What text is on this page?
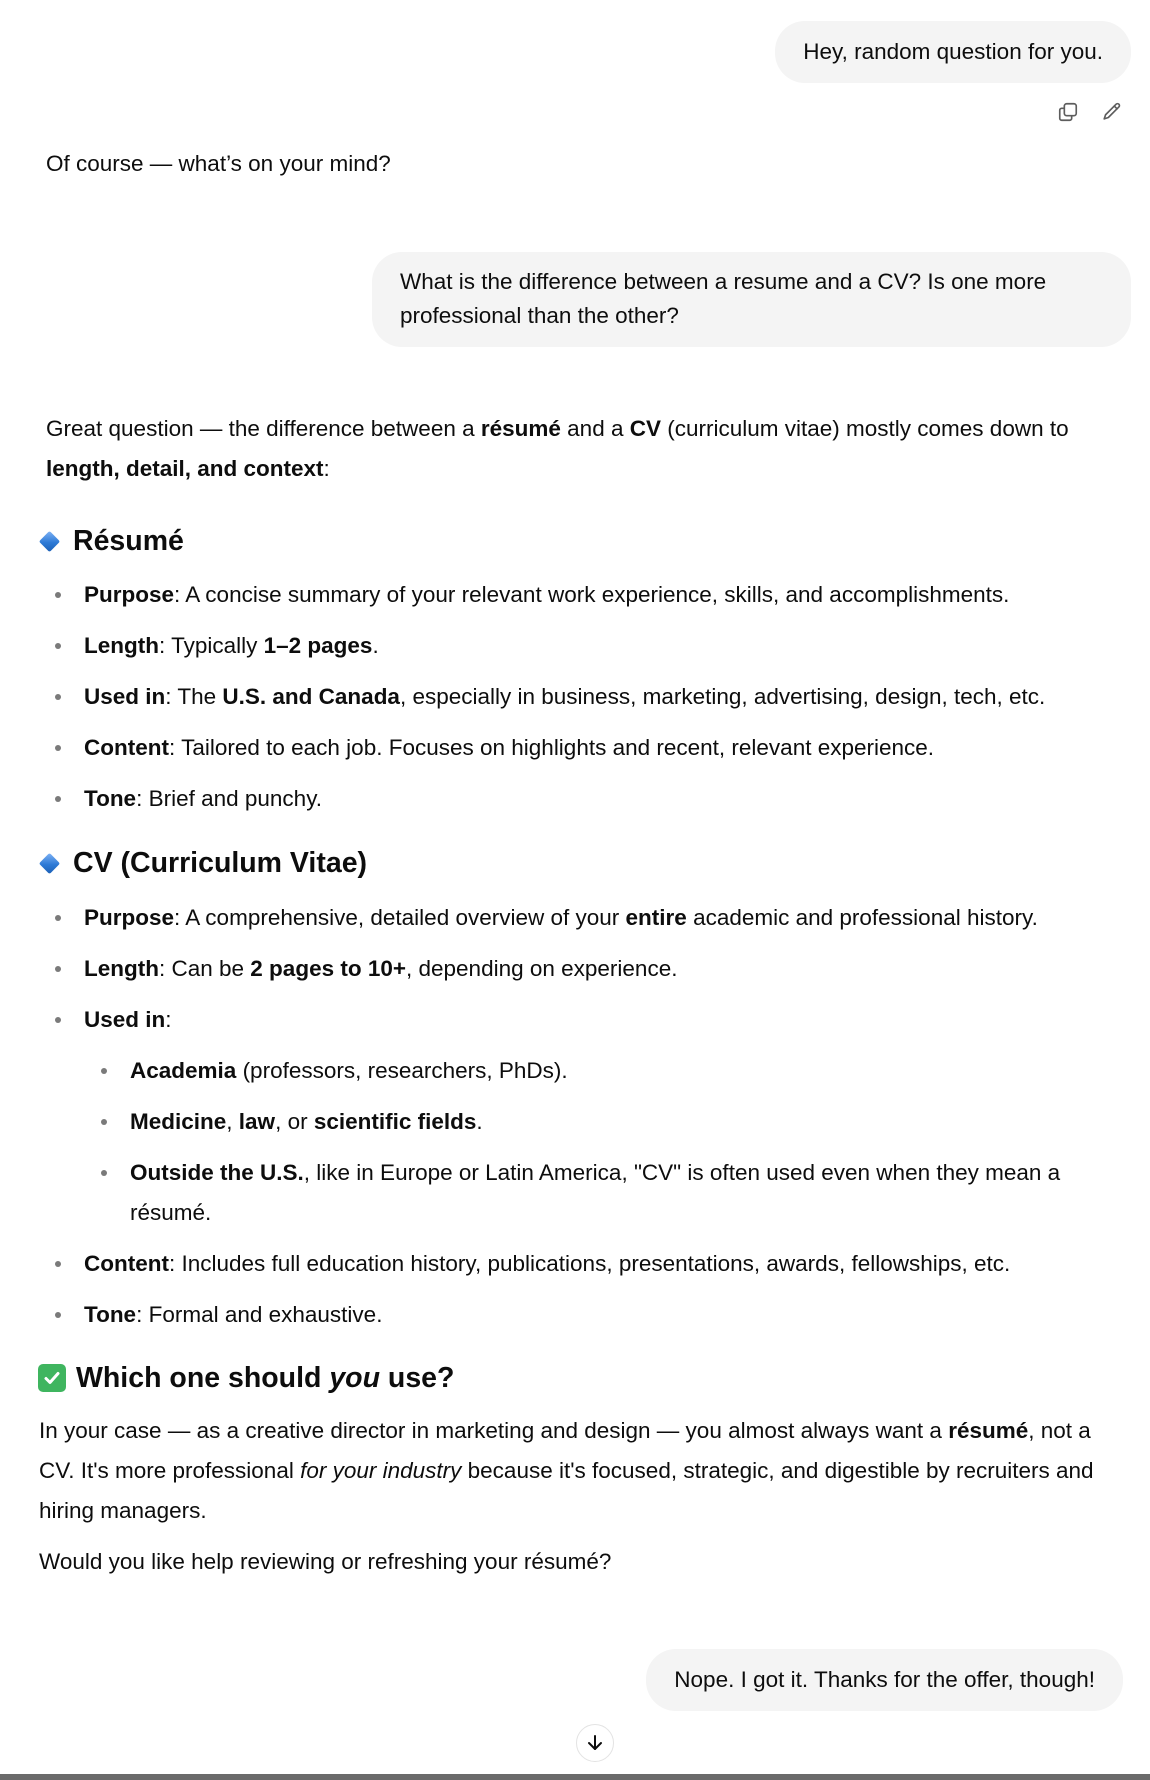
Hey, random question for you.
Of course — what’s on your mind?
What is the difference between a resume and a CV? Is one more professional than the other?

Great question — the difference between a résumé and a CV (curriculum vitae) mostly comes down to
length, detail, and context:

Résumé
Purpose: A concise summary of your relevant work experience, skills, and accomplishments.
Length: Typically 1–2 pages.
Used in: The U.S. and Canada, especially in business, marketing, advertising, design, tech, etc.
Content: Tailored to each job. Focuses on highlights and recent, relevant experience.
Tone: Brief and punchy.
CV (Curriculum Vitae)
Purpose: A comprehensive, detailed overview of your entire academic and professional history.
Length: Can be 2 pages to 10+, depending on experience.
Used in:
Academia (professors, researchers, PhDs).
Medicine, law, or scientific fields.
Outside the U.S., like in Europe or Latin America, "CV" is often used even when they mean a
résumé.
Content: Includes full education history, publications, presentations, awards, fellowships, etc.
Tone: Formal and exhaustive.
Which one should you use?

In your case — as a creative director in marketing and design — you almost always want a résumé, not a CV. It's more professional for your industry because it's focused, strategic, and digestible by recruiters and hiring managers.

Would you like help reviewing or refreshing your résumé?

Nope. I got it. Thanks for the offer, though!
